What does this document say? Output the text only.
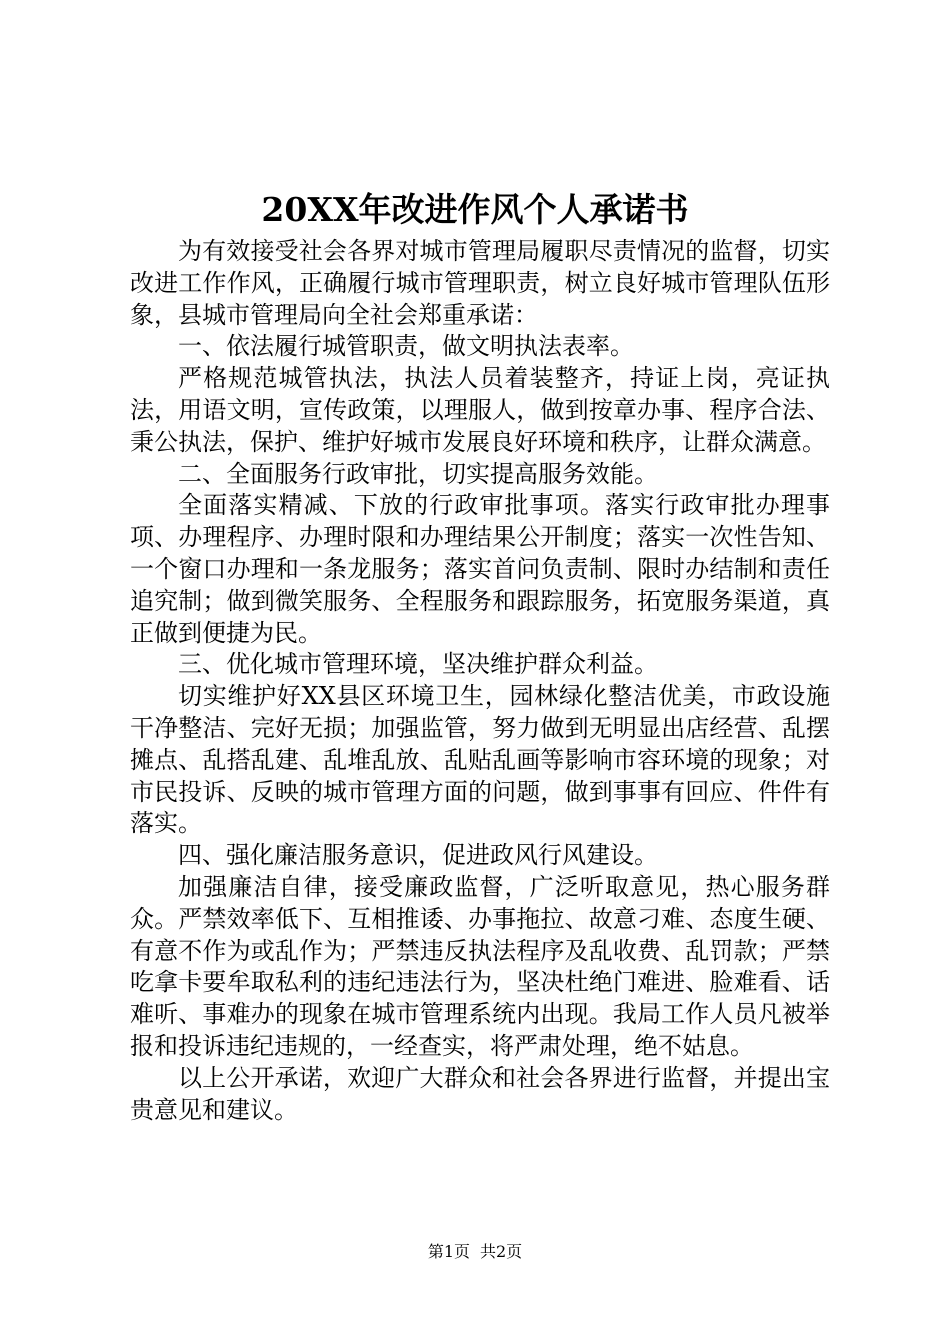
20XX年改进作风个人承诺书

为有效接受社会各界对城市管理局履职尽责情况的监督，切实改进工作作风，正确履行城市管理职责，树立良好城市管理队伍形象，县城市管理局向全社会郑重承诺：

一、依法履行城管职责，做文明执法表率。

严格规范城管执法，执法人员着装整齐，持证上岗，亮证执法，用语文明，宣传政策，以理服人，做到按章办事、程序合法、秉公执法，保护、维护好城市发展良好环境和秩序，让群众满意。

二、全面服务行政审批，切实提高服务效能。

全面落实精减、下放的行政审批事项。落实行政审批办理事项、办理程序、办理时限和办理结果公开制度；落实一次性告知、一个窗口办理和一条龙服务；落实首问负责制、限时办结制和责任追究制；做到微笑服务、全程服务和跟踪服务，拓宽服务渠道，真正做到便捷为民。

三、优化城市管理环境，坚决维护群众利益。

切实维护好XX县区环境卫生，园林绿化整洁优美，市政设施干净整洁、完好无损；加强监管，努力做到无明显出店经营、乱摆摊点、乱搭乱建、乱堆乱放、乱贴乱画等影响市容环境的现象；对市民投诉、反映的城市管理方面的问题，做到事事有回应、件件有落实。

四、强化廉洁服务意识，促进政风行风建设。

加强廉洁自律，接受廉政监督，广泛听取意见，热心服务群众。严禁效率低下、互相推诿、办事拖拉、故意刁难、态度生硬、有意不作为或乱作为；严禁违反执法程序及乱收费、乱罚款；严禁吃拿卡要牟取私利的违纪违法行为，坚决杜绝门难进、脸难看、话难听、事难办的现象在城市管理系统内出现。我局工作人员凡被举报和投诉违纪违规的，一经查实，将严肃处理，绝不姑息。

以上公开承诺，欢迎广大群众和社会各界进行监督，并提出宝贵意见和建议。

第1页 共2页
